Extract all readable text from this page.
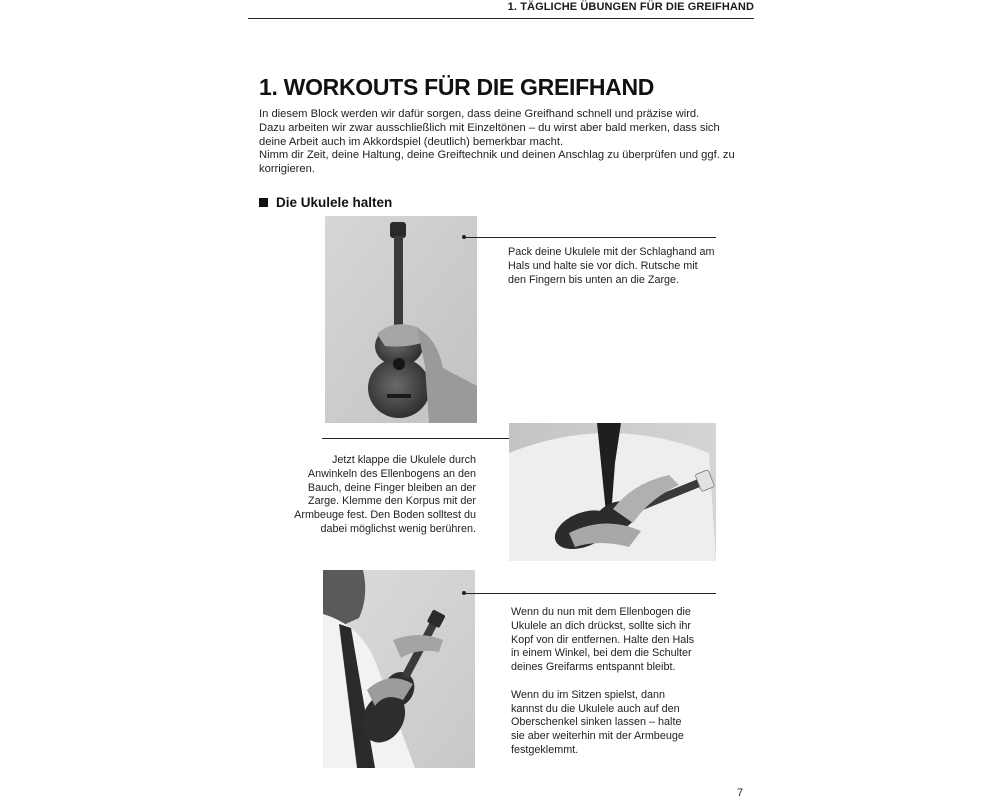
1. TÄGLICHE ÜBUNGEN FÜR DIE GREIFHAND
1. WORKOUTS FÜR DIE GREIFHAND

In diesem Block werden wir dafür sorgen, dass deine Greifhand schnell und präzise wird.

Dazu arbeiten wir zwar ausschließlich mit Einzeltönen – du wirst aber bald merken, dass sich

deine Arbeit auch im Akkordspiel (deutlich) bemerkbar macht.

Nimm dir Zeit, deine Haltung, deine Greiftechnik und deinen Anschlag zu überprüfen und ggf. zu

korrigieren.

Die Ukulele halten

Pack deine Ukulele mit der Schlaghand am

Hals und halte sie vor dich. Rutsche mit

den Fingern bis unten an die Zarge.

Jetzt klappe die Ukulele durch

Anwinkeln des Ellenbogens an den

Bauch, deine Finger bleiben an der

Zarge. Klemme den Korpus mit der

Armbeuge fest. Den Boden solltest du

dabei möglichst wenig berühren.

Wenn du nun mit dem Ellenbogen die

Ukulele an dich drückst, sollte sich ihr

Kopf von dir entfernen. Halte den Hals

in einem Winkel, bei dem die Schulter

deines Greifarms entspannt bleibt.

Wenn du im Sitzen spielst, dann

kannst du die Ukulele auch auf den

Oberschenkel sinken lassen – halte

sie aber weiterhin mit der Armbeuge

festgeklemmt.

7
